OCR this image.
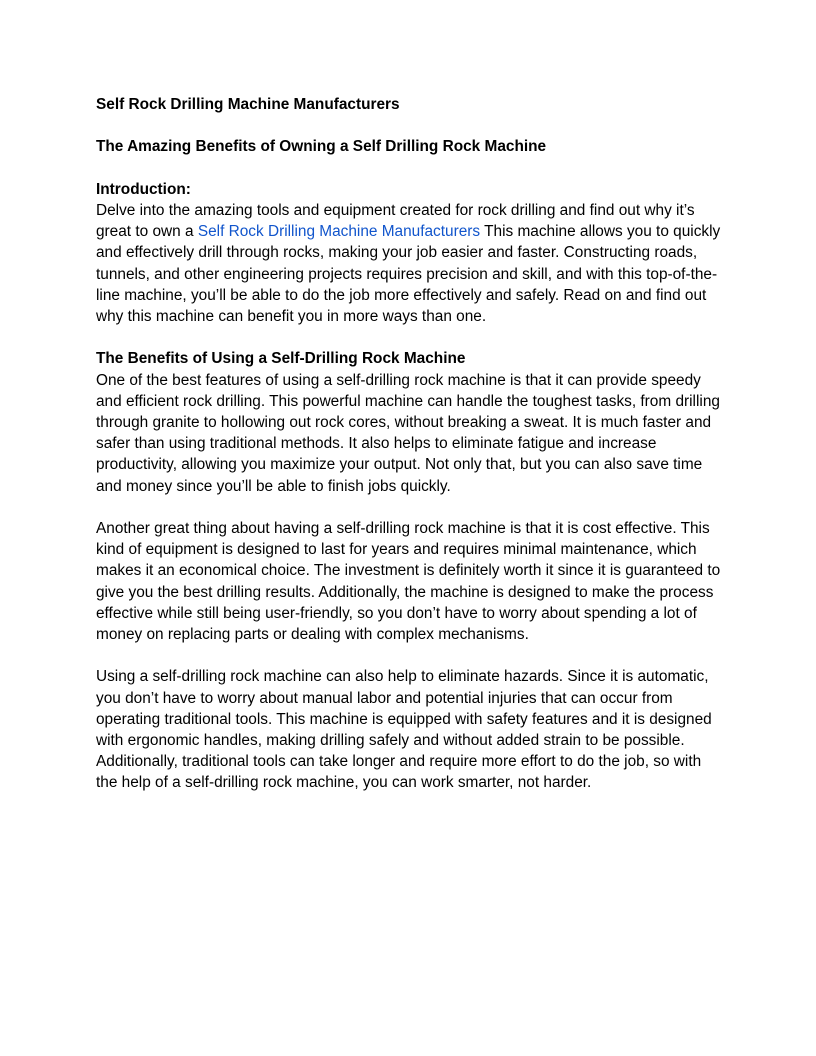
Self Rock Drilling Machine Manufacturers

The Amazing Benefits of Owning a Self Drilling Rock Machine

Introduction:

Delve into the amazing tools and equipment created for rock drilling and find out why it’s great to own a Self Rock Drilling Machine Manufacturers This machine allows you to quickly and effectively drill through rocks, making your job easier and faster. Constructing roads, tunnels, and other engineering projects requires precision and skill, and with this top-of-the-line machine, you’ll be able to do the job more effectively and safely. Read on and find out why this machine can benefit you in more ways than one.

The Benefits of Using a Self-Drilling Rock Machine

One of the best features of using a self-drilling rock machine is that it can provide speedy and efficient rock drilling. This powerful machine can handle the toughest tasks, from drilling through granite to hollowing out rock cores, without breaking a sweat. It is much faster and safer than using traditional methods. It also helps to eliminate fatigue and increase productivity, allowing you maximize your output. Not only that, but you can also save time and money since you’ll be able to finish jobs quickly.

Another great thing about having a self-drilling rock machine is that it is cost effective. This kind of equipment is designed to last for years and requires minimal maintenance, which makes it an economical choice. The investment is definitely worth it since it is guaranteed to give you the best drilling results. Additionally, the machine is designed to make the process effective while still being user-friendly, so you don’t have to worry about spending a lot of money on replacing parts or dealing with complex mechanisms.

Using a self-drilling rock machine can also help to eliminate hazards. Since it is automatic, you don’t have to worry about manual labor and potential injuries that can occur from operating traditional tools. This machine is equipped with safety features and it is designed with ergonomic handles, making drilling safely and without added strain to be possible. Additionally, traditional tools can take longer and require more effort to do the job, so with the help of a self-drilling rock machine, you can work smarter, not harder.
